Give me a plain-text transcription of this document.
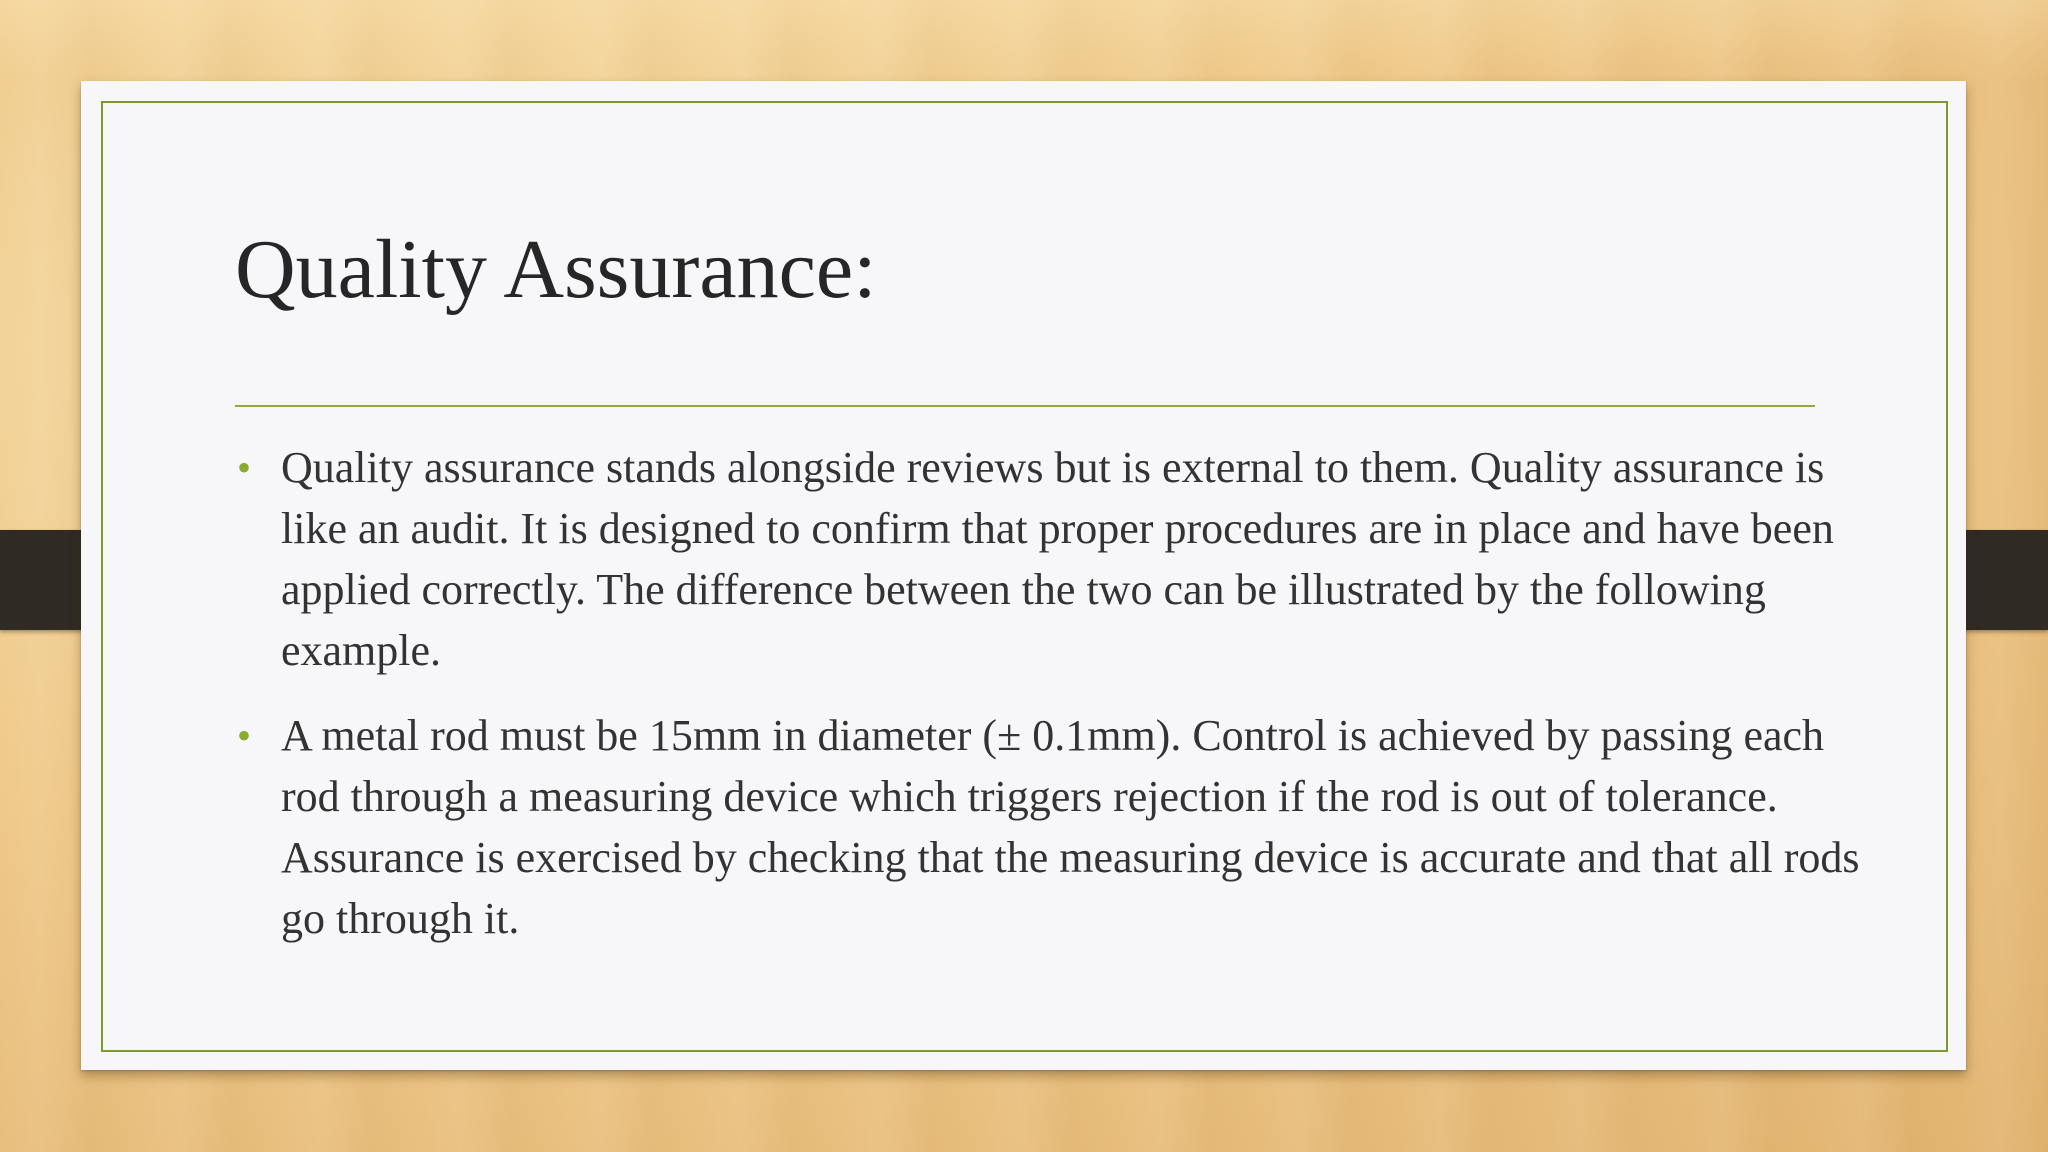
Quality Assurance:
• Quality assurance stands alongside reviews but is external to them. Quality assurance is like an audit. It is designed to confirm that proper procedures are in place and have been applied correctly. The difference between the two can be illustrated by the following example.
• A metal rod must be 15mm in diameter (± 0.1mm). Control is achieved by passing each rod through a measuring device which triggers rejection if the rod is out of tolerance. Assurance is exercised by checking that the measuring device is accurate and that all rods go through it.
